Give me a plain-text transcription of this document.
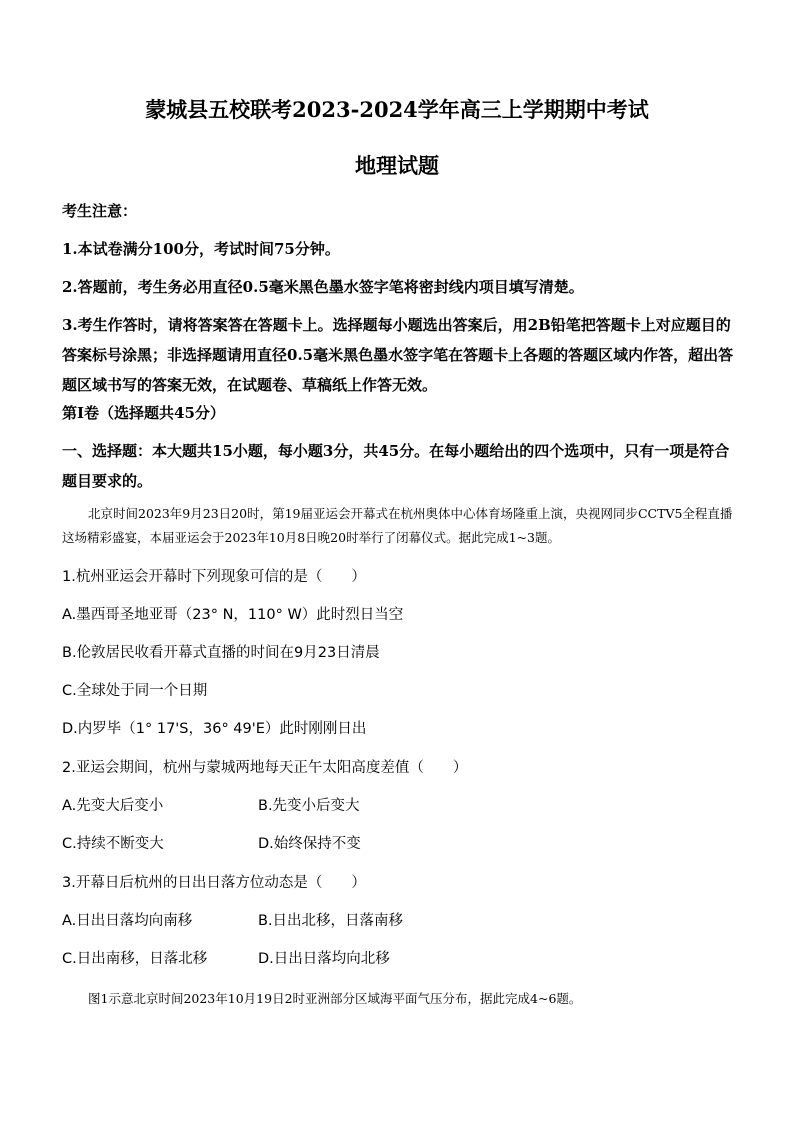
蒙城县五校联考2023-2024学年高三上学期期中考试
地理试题
考生注意：
1.本试卷满分100分，考试时间75分钟。
2.答题前，考生务必用直径0.5毫米黑色墨水签字笔将密封线内项目填写清楚。
3.考生作答时，请将答案答在答题卡上。选择题每小题选出答案后，用2B铅笔把答题卡上对应题目的答案标号涂黑；非选择题请用直径0.5毫米黑色墨水签字笔在答题卡上各题的答题区域内作答，超出答题区域书写的答案无效，在试题卷、草稿纸上作答无效。
第Ⅰ卷（选择题共45分）
一、选择题：本大题共15小题，每小题3分，共45分。在每小题给出的四个选项中，只有一项是符合题目要求的。
北京时间2023年9月23日20时，第19届亚运会开幕式在杭州奥体中心体育场隆重上演，央视网同步CCTV5全程直播这场精彩盛宴，本届亚运会于2023年10月8日晚20时举行了闭幕仪式。据此完成1~3题。
1.杭州亚运会开幕时下列现象可信的是（　　）
A.墨西哥圣地亚哥（23° N，110° W）此时烈日当空
B.伦敦居民收看开幕式直播的时间在9月23日清晨
C.全球处于同一个日期
D.内罗毕（1° 17'S，36° 49'E）此时刚刚日出
2.亚运会期间，杭州与蒙城两地每天正午太阳高度差值（　　）
A.先变大后变小	B.先变小后变大
C.持续不断变大	D.始终保持不变
3.开幕日后杭州的日出日落方位动态是（　　）
A.日出日落均向南移	B.日出北移，日落南移
C.日出南移，日落北移	D.日出日落均向北移
图1示意北京时间2023年10月19日2时亚洲部分区域海平面气压分布，据此完成4~6题。
